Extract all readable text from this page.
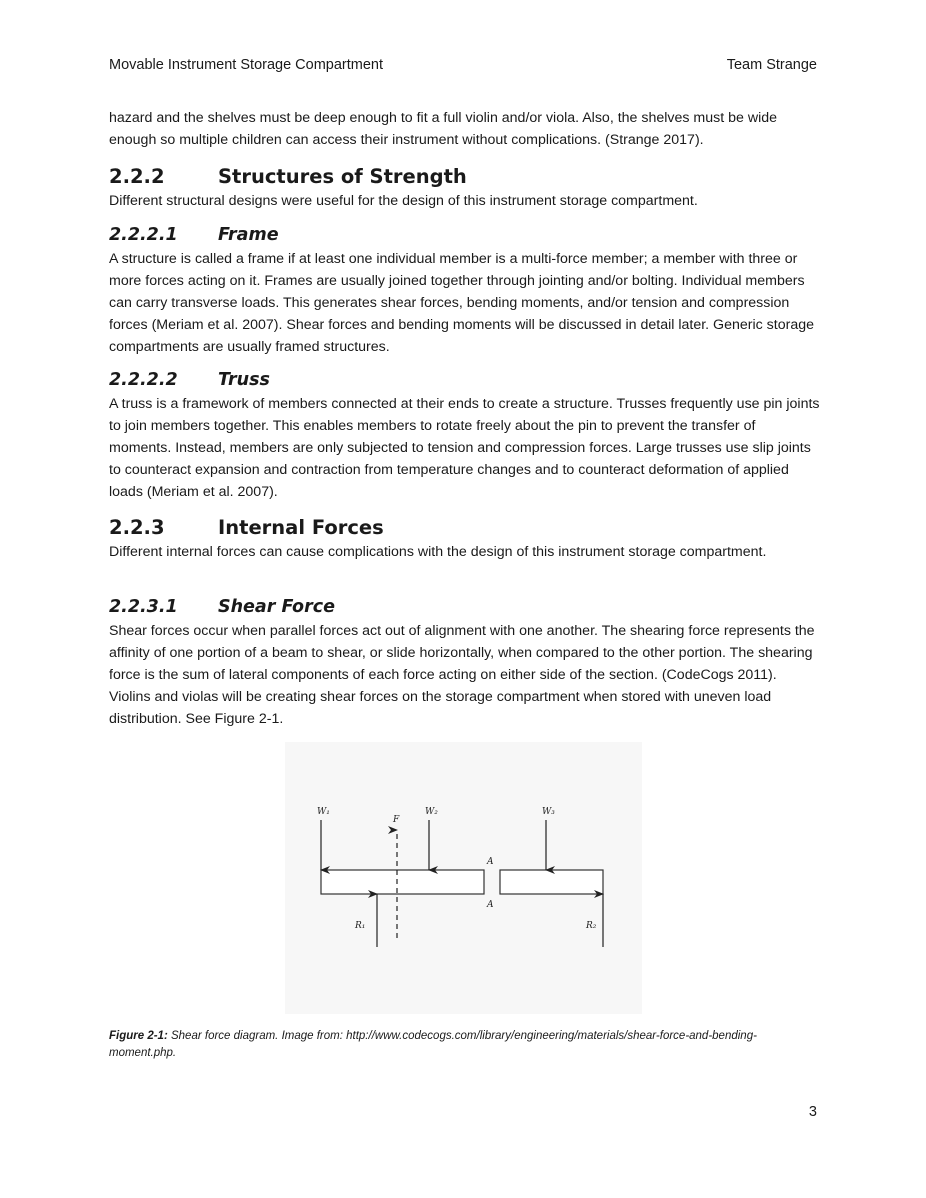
Movable Instrument Storage Compartment	Team Strange

hazard and the shelves must be deep enough to fit a full violin and/or viola. Also, the shelves must be wide enough so multiple children can access their instrument without complications. (Strange 2017).

2.2.2	Structures of Strength

Different structural designs were useful for the design of this instrument storage compartment.

2.2.2.1 Frame

A structure is called a frame if at least one individual member is a multi-force member; a member with three or more forces acting on it. Frames are usually joined together through jointing and/or bolting. Individual members can carry transverse loads. This generates shear forces, bending moments, and/or tension and compression forces (Meriam et al. 2007). Shear forces and bending moments will be discussed in detail later. Generic storage compartments are usually framed structures.

2.2.2.2 Truss

A truss is a framework of members connected at their ends to create a structure. Trusses frequently use pin joints to join members together. This enables members to rotate freely about the pin to prevent the transfer of moments. Instead, members are only subjected to tension and compression forces. Large trusses use slip joints to counteract expansion and contraction from temperature changes and to counteract deformation of applied loads (Meriam et al. 2007).

2.2.3	Internal Forces

Different internal forces can cause complications with the design of this instrument storage compartment.

2.2.3.1 Shear Force

Shear forces occur when parallel forces act out of alignment with one another. The shearing force represents the affinity of one portion of a beam to shear, or slide horizontally, when compared to the other portion. The shearing force is the sum of lateral components of each force acting on either side of the section. (CodeCogs 2011). Violins and violas will be creating shear forces on the storage compartment when stored with uneven load distribution. See Figure 2-1.

W₁	W₂	W₃
F
A
A
R₁	R₂

Figure 2-1: Shear force diagram. Image from: http://www.codecogs.com/library/engineering/materials/shear-force-and-bending-moment.php.

3
